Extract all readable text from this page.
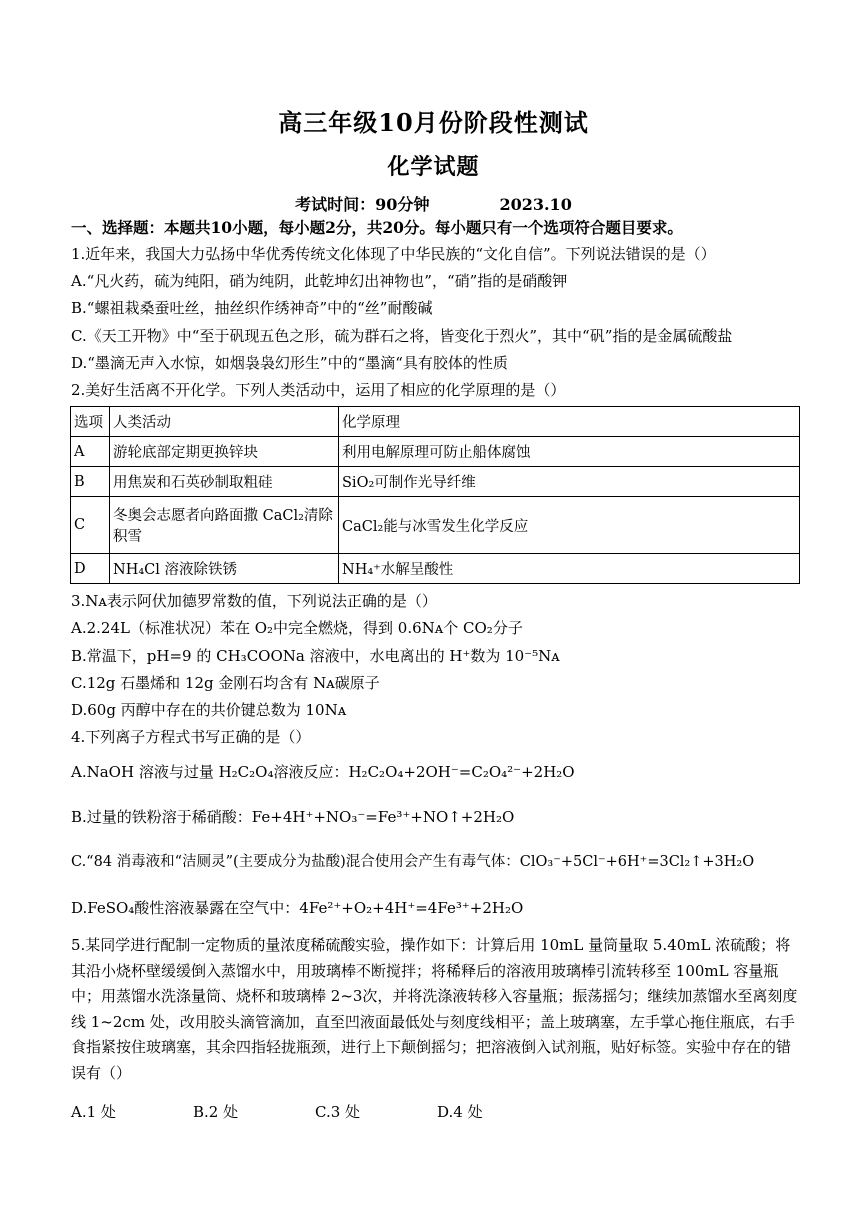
高三年级10月份阶段性测试
化学试题
考试时间：90分钟	2023.10
一、选择题：本题共10小题，每小题2分，共20分。每小题只有一个选项符合题目要求。
1.近年来，我国大力弘扬中华优秀传统文化体现了中华民族的“文化自信”。下列说法错误的是（）
A.“凡火药，硫为纯阳，硝为纯阴，此乾坤幻出神物也”，“硝”指的是硝酸钾
B.“螺祖栽桑蚕吐丝，抽丝织作绣神奇”中的“丝”耐酸碱
C.《天工开物》中“至于矾现五色之形，硫为群石之将，皆变化于烈火”，其中“矾”指的是金属硫酸盐
D.“墨滴无声入水惊，如烟袅袅幻形生”中的“墨滴“具有胶体的性质
2.美好生活离不开化学。下列人类活动中，运用了相应的化学原理的是（）
选项	人类活动	化学原理
A	游轮底部定期更换锌块	利用电解原理可防止船体腐蚀
B	用焦炭和石英砂制取粗硅	SiO₂可制作光导纤维
C	冬奥会志愿者向路面撒 CaCl₂清除积雪	CaCl₂能与冰雪发生化学反应
D	NH₄Cl 溶液除铁锈	NH₄⁺水解呈酸性
3.Nᴀ表示阿伏加德罗常数的值，下列说法正确的是（）
A.2.24L（标准状况）苯在 O₂中完全燃烧，得到 0.6Nᴀ个 CO₂分子
B.常温下，pH=9 的 CH₃COONa 溶液中，水电离出的 H⁺数为 10⁻⁵Nᴀ
C.12g 石墨烯和 12g 金刚石均含有 Nᴀ碳原子
D.60g 丙醇中存在的共价键总数为 10Nᴀ
4.下列离子方程式书写正确的是（）
A.NaOH 溶液与过量 H₂C₂O₄溶液反应：H₂C₂O₄+2OH⁻=C₂O₄²⁻+2H₂O
B.过量的铁粉溶于稀硝酸：Fe+4H⁺+NO₃⁻=Fe³⁺+NO↑+2H₂O
C.“84 消毒液和“洁厕灵”(主要成分为盐酸)混合使用会产生有毒气体：ClO₃⁻+5Cl⁻+6H⁺=3Cl₂↑+3H₂O
D.FeSO₄酸性溶液暴露在空气中：4Fe²⁺+O₂+4H⁺=4Fe³⁺+2H₂O
5.某同学进行配制一定物质的量浓度稀硫酸实验，操作如下：计算后用 10mL 量筒量取 5.40mL 浓硫酸；将其沿小烧杯壁缓缓倒入蒸馏水中，用玻璃棒不断搅拌；将稀释后的溶液用玻璃棒引流转移至 100mL 容量瓶中；用蒸馏水洗涤量筒、烧杯和玻璃棒 2~3次，并将洗涤液转移入容量瓶；振荡摇匀；继续加蒸馏水至离刻度线 1~2cm 处，改用胶头滴管滴加，直至凹液面最低处与刻度线相平；盖上玻璃塞，左手掌心拖住瓶底，右手食指紧按住玻璃塞，其余四指轻拢瓶颈，进行上下颠倒摇匀；把溶液倒入试剂瓶，贴好标签。实验中存在的错误有（）
A.1 处	B.2 处	C.3 处	D.4 处
